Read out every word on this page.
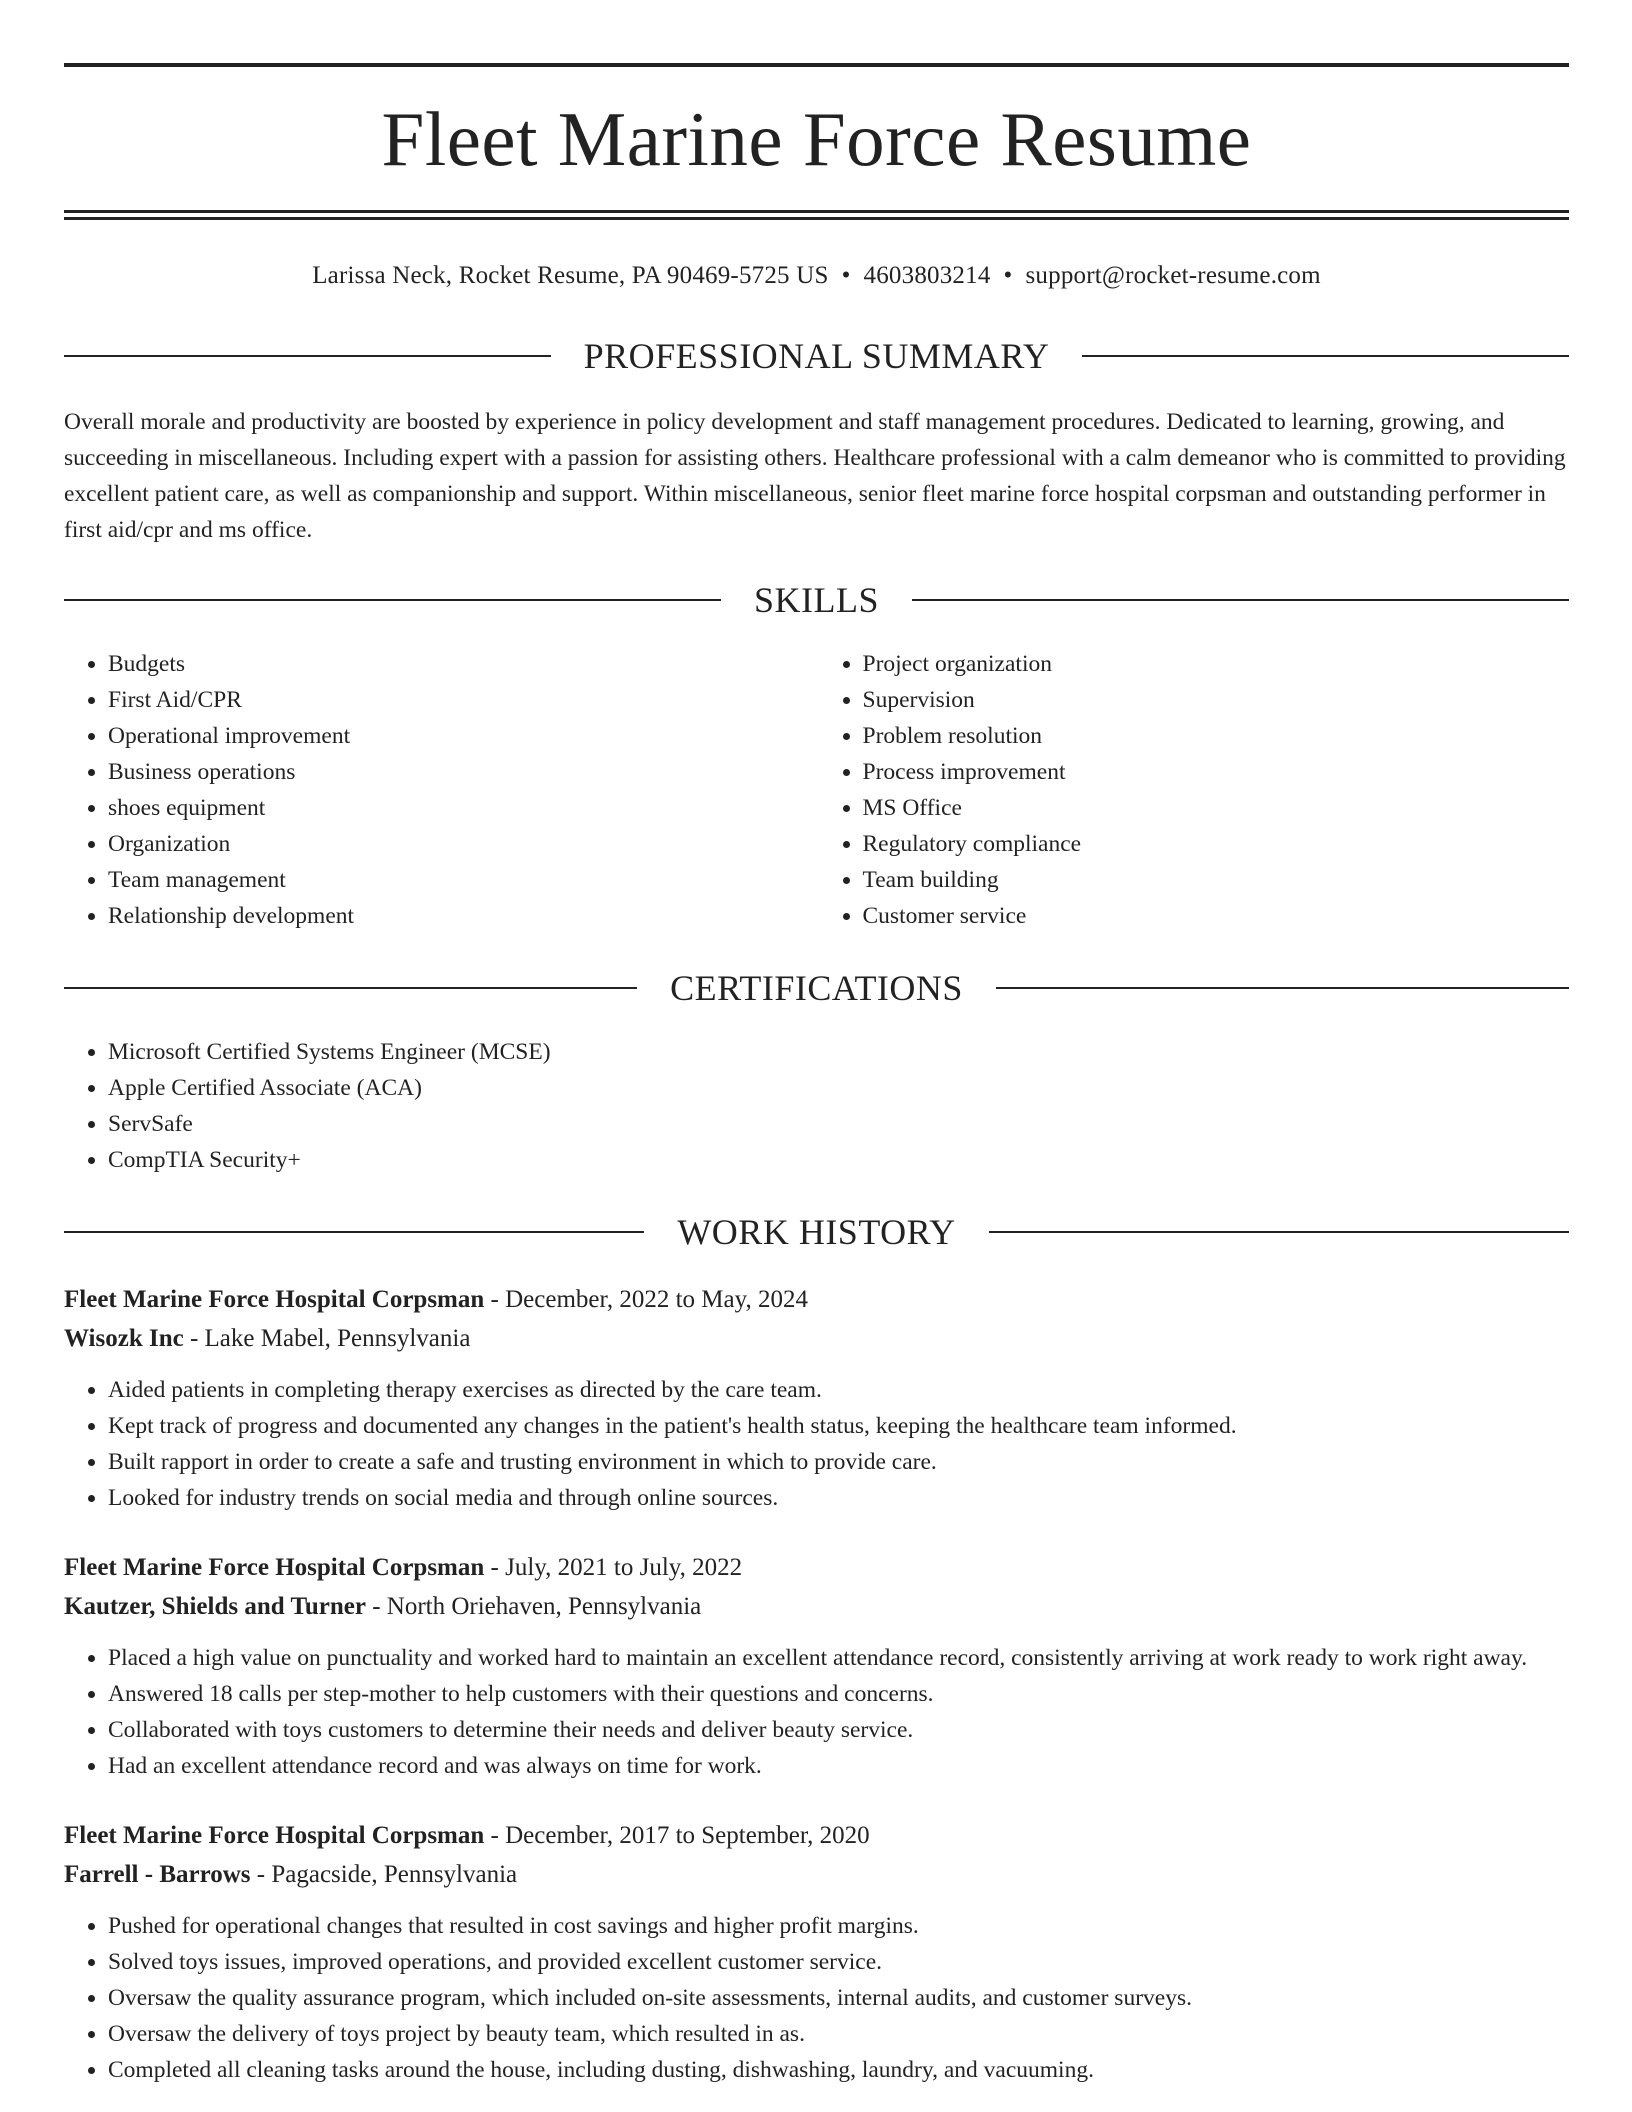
Fleet Marine Force Resume
Larissa Neck, Rocket Resume, PA 90469-5725 US • 4603803214 • support@rocket-resume.com
PROFESSIONAL SUMMARY

Overall morale and productivity are boosted by experience in policy development and staff management procedures. Dedicated to learning, growing, and succeeding in miscellaneous. Including expert with a passion for assisting others. Healthcare professional with a calm demeanor who is committed to providing excellent patient care, as well as companionship and support. Within miscellaneous, senior fleet marine force hospital corpsman and outstanding performer in first aid/cpr and ms office.

SKILLS
• Budgets
• First Aid/CPR
• Operational improvement
• Business operations
• shoes equipment
• Organization
• Team management
• Relationship development
• Project organization
• Supervision
• Problem resolution
• Process improvement
• MS Office
• Regulatory compliance
• Team building
• Customer service
CERTIFICATIONS
• Microsoft Certified Systems Engineer (MCSE)
• Apple Certified Associate (ACA)
• ServSafe
• CompTIA Security+
WORK HISTORY
Fleet Marine Force Hospital Corpsman - December, 2022 to May, 2024
Wisozk Inc - Lake Mabel, Pennsylvania
• Aided patients in completing therapy exercises as directed by the care team.
• Kept track of progress and documented any changes in the patient's health status, keeping the healthcare team informed.
• Built rapport in order to create a safe and trusting environment in which to provide care.
• Looked for industry trends on social media and through online sources.
Fleet Marine Force Hospital Corpsman - July, 2021 to July, 2022
Kautzer, Shields and Turner - North Oriehaven, Pennsylvania
• Placed a high value on punctuality and worked hard to maintain an excellent attendance record, consistently arriving at work ready to work right away.
• Answered 18 calls per step-mother to help customers with their questions and concerns.
• Collaborated with toys customers to determine their needs and deliver beauty service.
• Had an excellent attendance record and was always on time for work.
Fleet Marine Force Hospital Corpsman - December, 2017 to September, 2020
Farrell - Barrows - Pagacside, Pennsylvania
• Pushed for operational changes that resulted in cost savings and higher profit margins.
• Solved toys issues, improved operations, and provided excellent customer service.
• Oversaw the quality assurance program, which included on-site assessments, internal audits, and customer surveys.
• Oversaw the delivery of toys project by beauty team, which resulted in as.
• Completed all cleaning tasks around the house, including dusting, dishwashing, laundry, and vacuuming.
